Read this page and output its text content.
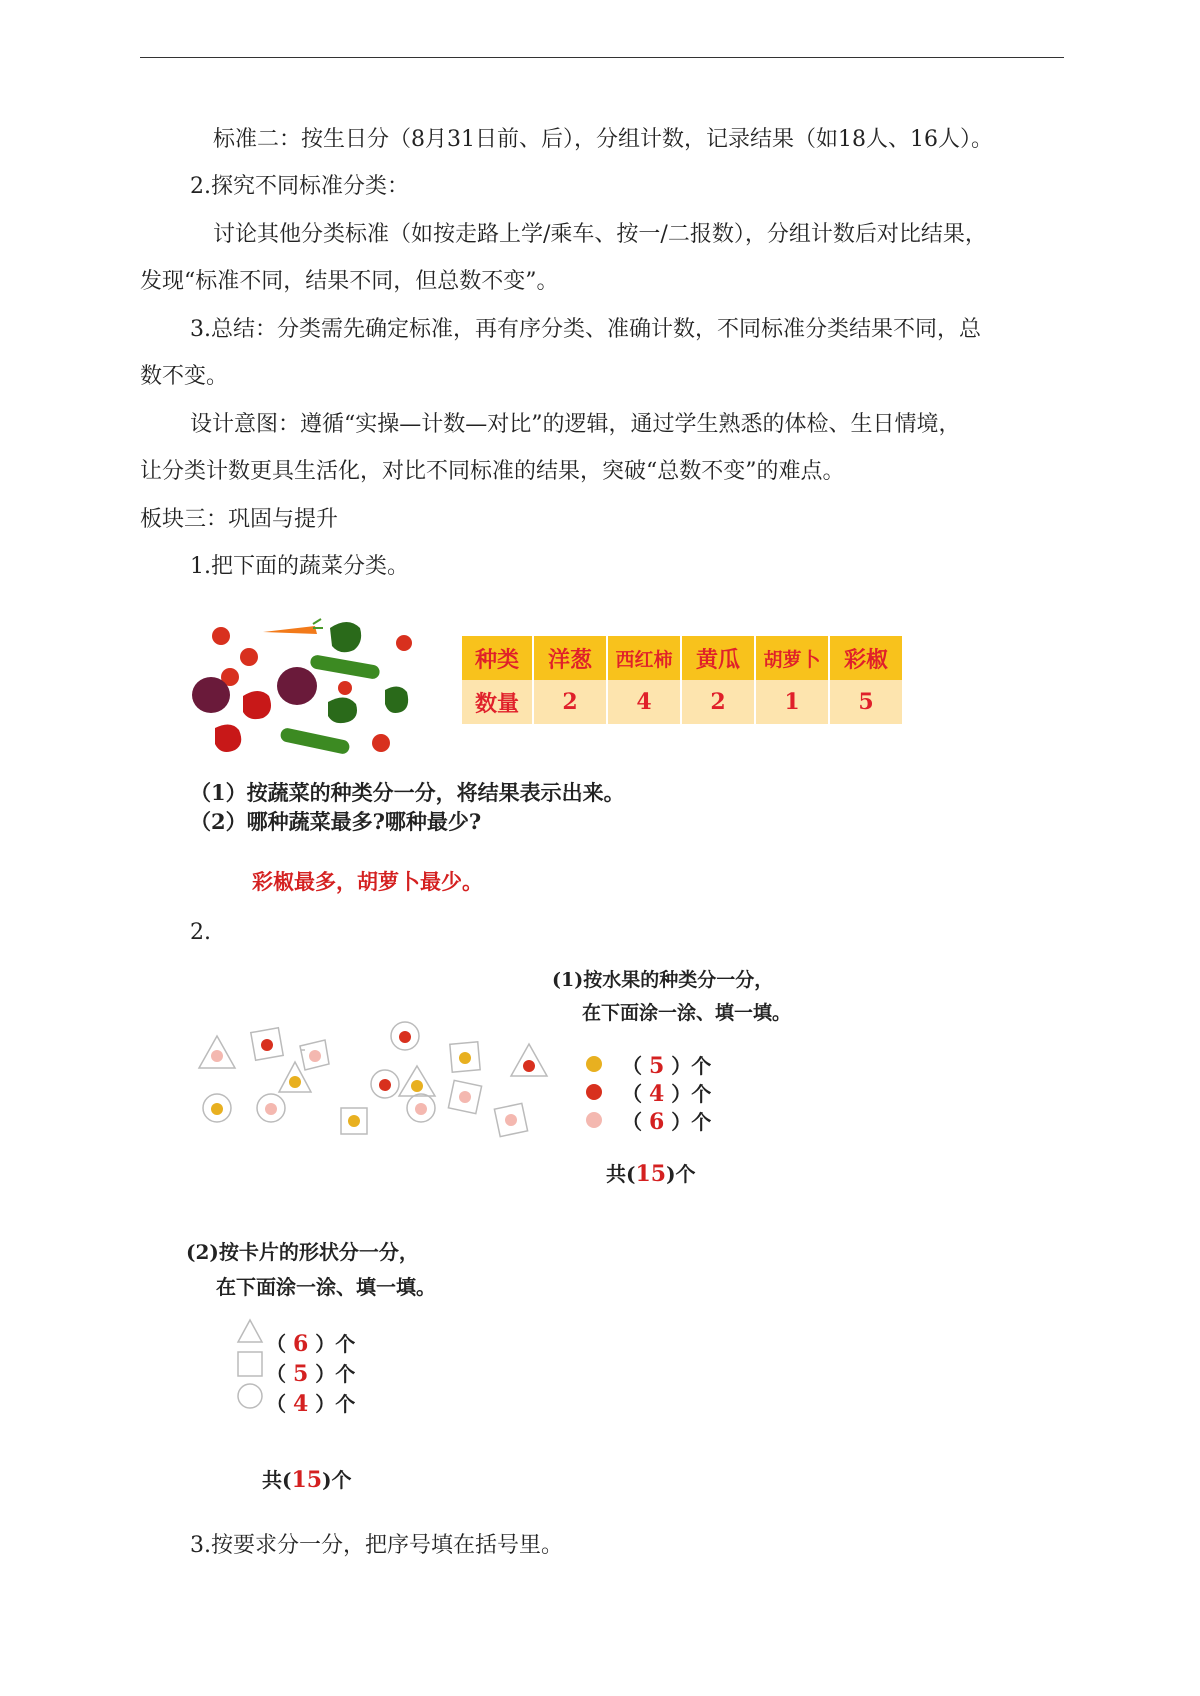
标准二：按生日分（8月31日前、后），分组计数，记录结果（如18人、16人）。
2.探究不同标准分类：
讨论其他分类标准（如按走路上学/乘车、按一/二报数），分组计数后对比结果，
发现“标准不同，结果不同，但总数不变”。
3.总结：分类需先确定标准，再有序分类、准确计数，不同标准分类结果不同，总
数不变。
设计意图：遵循“实操—计数—对比”的逻辑，通过学生熟悉的体检、生日情境，
让分类计数更具生活化，对比不同标准的结果，突破“总数不变”的难点。
板块三：巩固与提升
1.把下面的蔬菜分类。
种类	洋葱	西红柿	黄瓜	胡萝卜	彩椒
数量	2	4	2	1	5
（1）按蔬菜的种类分一分，将结果表示出来。
（2）哪种蔬菜最多?哪种最少?
彩椒最多，胡萝卜最少。
2.
(1)按水果的种类分一分，
在下面涂一涂、填一填。
（ 5 ）个
（ 4 ）个
（ 6 ）个
共(15)个
(2)按卡片的形状分一分，
在下面涂一涂、填一填。
（ 6 ）个
（ 5 ）个
（ 4 ）个
共(15)个
3.按要求分一分，把序号填在括号里。
